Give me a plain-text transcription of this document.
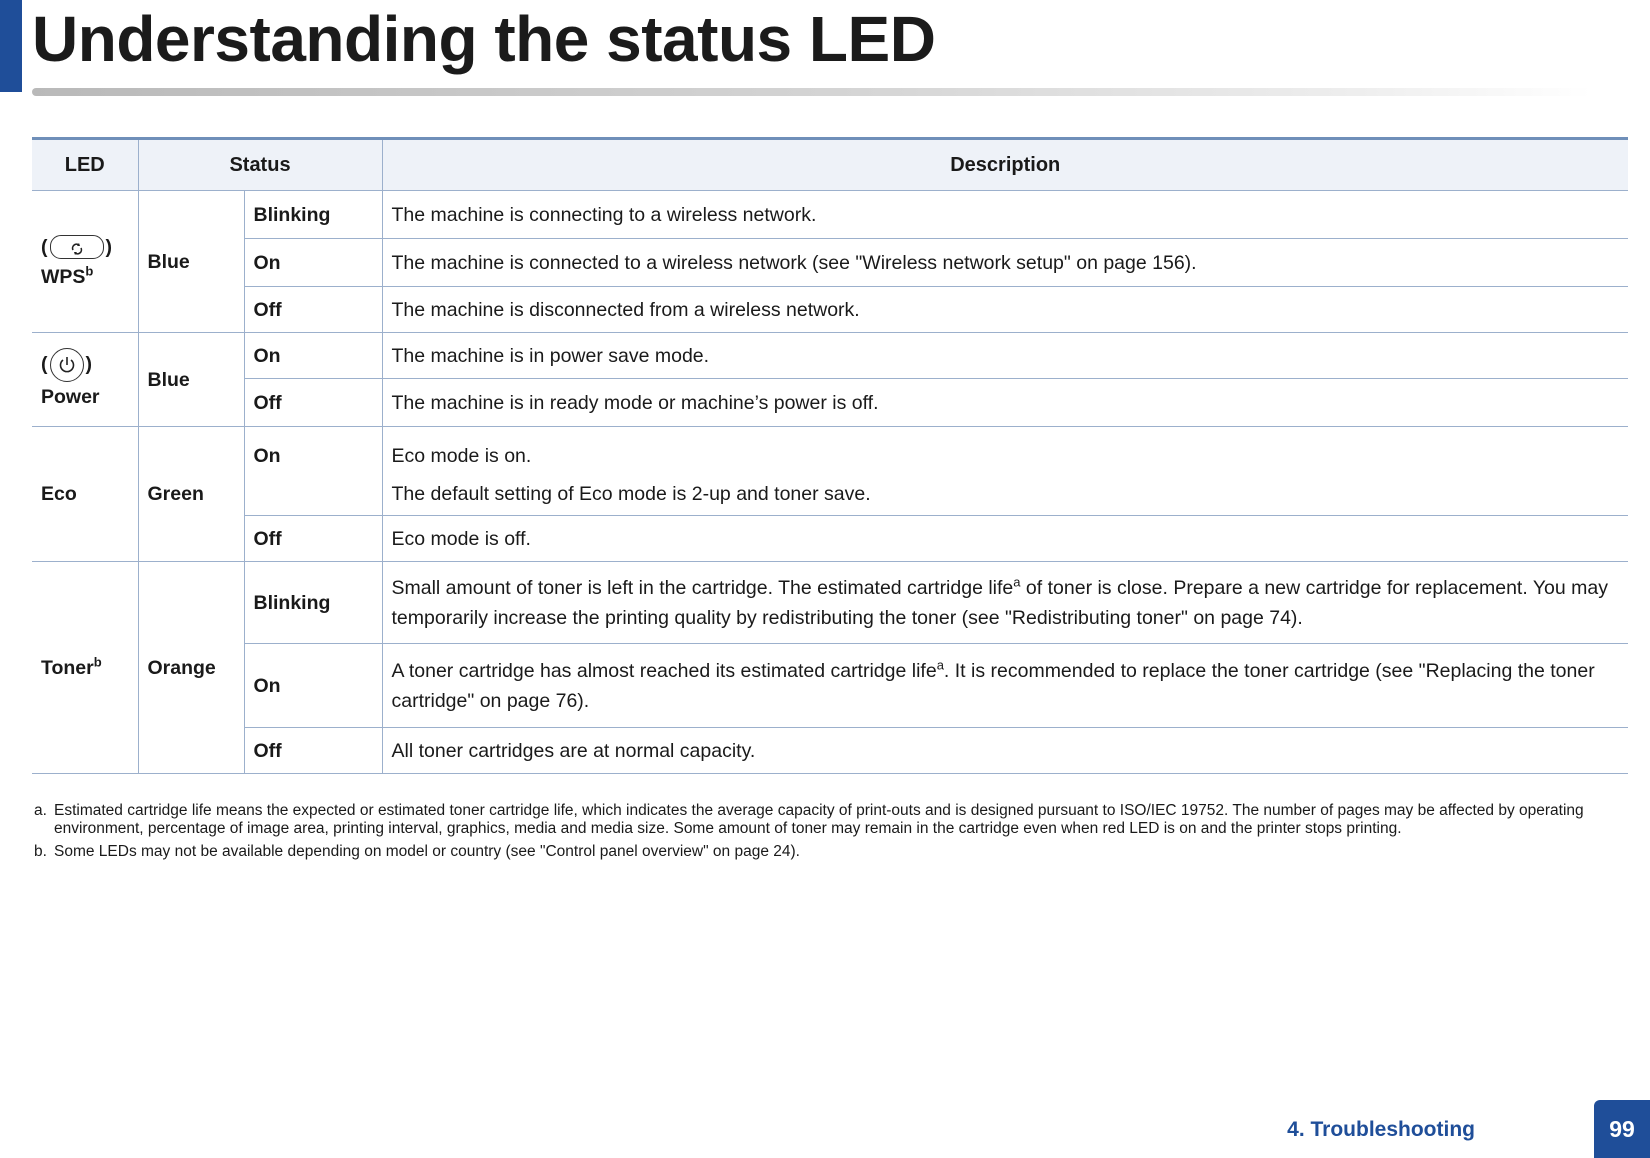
Understanding the status LED
LED	Status		Description
( )
WPS$^b$	Blue	Blinking	The machine is connecting to a wireless network.
		On	The machine is connected to a wireless network (see "Wireless network setup" on page 156).
		Off	The machine is disconnected from a wireless network.
( )
Power	Blue	On	The machine is in power save mode.
		Off	The machine is in ready mode or machine’s power is off.
Eco	Green	On	Eco mode is on.
The default setting of Eco mode is 2-up and toner save.

		Off	Eco mode is off.
Toner$^b$	Orange	Blinking	Small amount of toner is left in the cartridge. The estimated cartridge life$^a$ of toner is close. Prepare a new cartridge for replacement. You may temporarily increase the printing quality by redistributing the toner (see "Redistributing toner" on page 74).
		On	A toner cartridge has almost reached its estimated cartridge life$^a$. It is recommended to replace the toner cartridge (see "Replacing the toner cartridge" on page 76).
		Off	All toner cartridges are at normal capacity.
a. Estimated cartridge life means the expected or estimated toner cartridge life, which indicates the average capacity of print-outs and is designed pursuant to ISO/IEC 19752. The number of pages may be affected by operating environment, percentage of image area, printing interval, graphics, media and media size. Some amount of toner may remain in the cartridge even when red LED is on and the printer stops printing.
b. Some LEDs may not be available depending on model or country (see "Control panel overview" on page 24).
4. Troubleshooting	99
